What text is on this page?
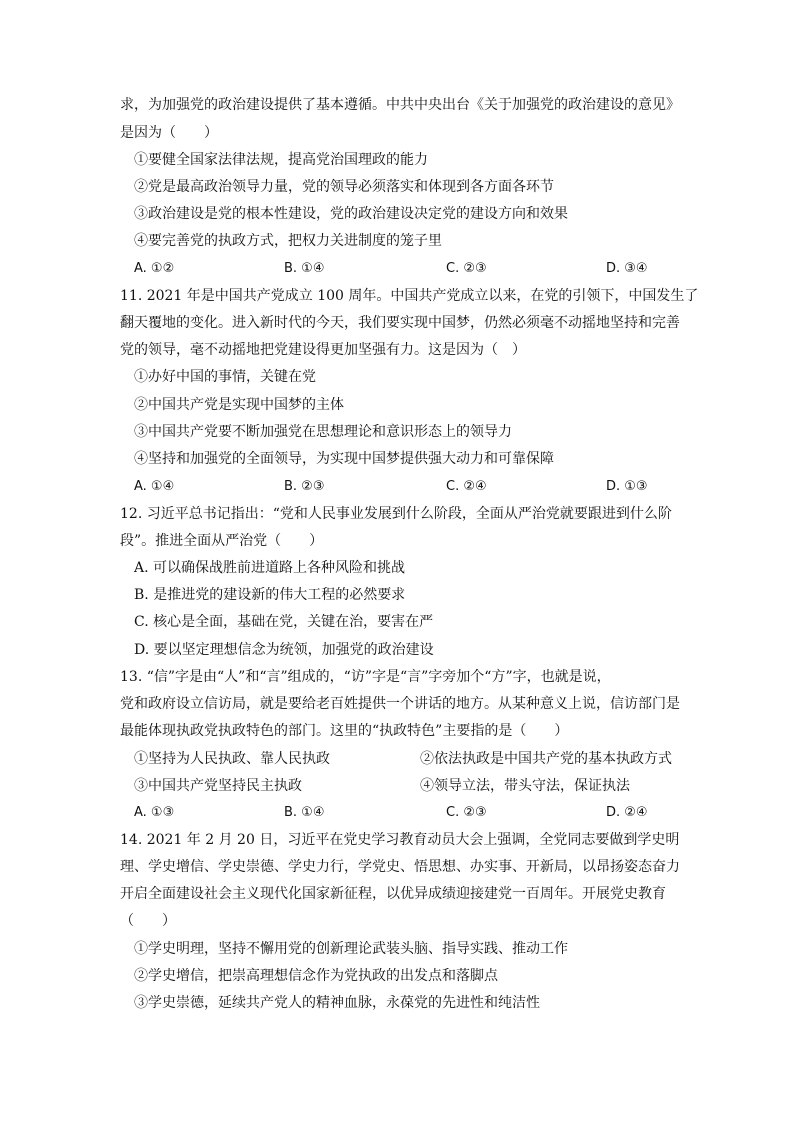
求，为加强党的政治建设提供了基本遵循。中共中央出台《关于加强党的政治建设的意见》
是因为（　　）
①要健全国家法律法规，提高党治国理政的能力
②党是最高政治领导力量，党的领导必须落实和体现到各方面各环节
③政治建设是党的根本性建设，党的政治建设决定党的建设方向和效果
④要完善党的执政方式，把权力关进制度的笼子里
A. ①②	B. ①④	C. ②③	D. ③④
11. 2021 年是中国共产党成立 100 周年。中国共产党成立以来，在党的引领下，中国发生了
翻天覆地的变化。进入新时代的今天，我们要实现中国梦，仍然必须毫不动摇地坚持和完善
党的领导，毫不动摇地把党建设得更加坚强有力。这是因为（　）
①办好中国的事情，关键在党
②中国共产党是实现中国梦的主体
③中国共产党要不断加强党在思想理论和意识形态上的领导力
④坚持和加强党的全面领导，为实现中国梦提供强大动力和可靠保障
A. ①④	B. ②③	C. ②④	D. ①③
12. 习近平总书记指出：“党和人民事业发展到什么阶段，全面从严治党就要跟进到什么阶
段”。推进全面从严治党（　　）
A. 可以确保战胜前进道路上各种风险和挑战
B. 是推进党的建设新的伟大工程的必然要求
C. 核心是全面，基础在党，关键在治，要害在严
D. 要以坚定理想信念为统领，加强党的政治建设
13. “信”字是由“人”和“言”组成的，“访”字是“言”字旁加个“方”字，也就是说，
党和政府设立信访局，就是要给老百姓提供一个讲话的地方。从某种意义上说，信访部门是
最能体现执政党执政特色的部门。这里的“执政特色”主要指的是（　　）
①坚持为人民执政、靠人民执政	②依法执政是中国共产党的基本执政方式
③中国共产党坚持民主执政	④领导立法，带头守法，保证执法
A. ①③	B. ①④	C. ②③	D. ②④
14. 2021 年 2 月 20 日，习近平在党史学习教育动员大会上强调，全党同志要做到学史明
理、学史增信、学史崇德、学史力行，学党史、悟思想、办实事、开新局，以昂扬姿态奋力
开启全面建设社会主义现代化国家新征程，以优异成绩迎接建党一百周年。开展党史教育
（　　）
①学史明理，坚持不懈用党的创新理论武装头脑、指导实践、推动工作
②学史增信，把崇高理想信念作为党执政的出发点和落脚点
③学史崇德，延续共产党人的精神血脉，永葆党的先进性和纯洁性
